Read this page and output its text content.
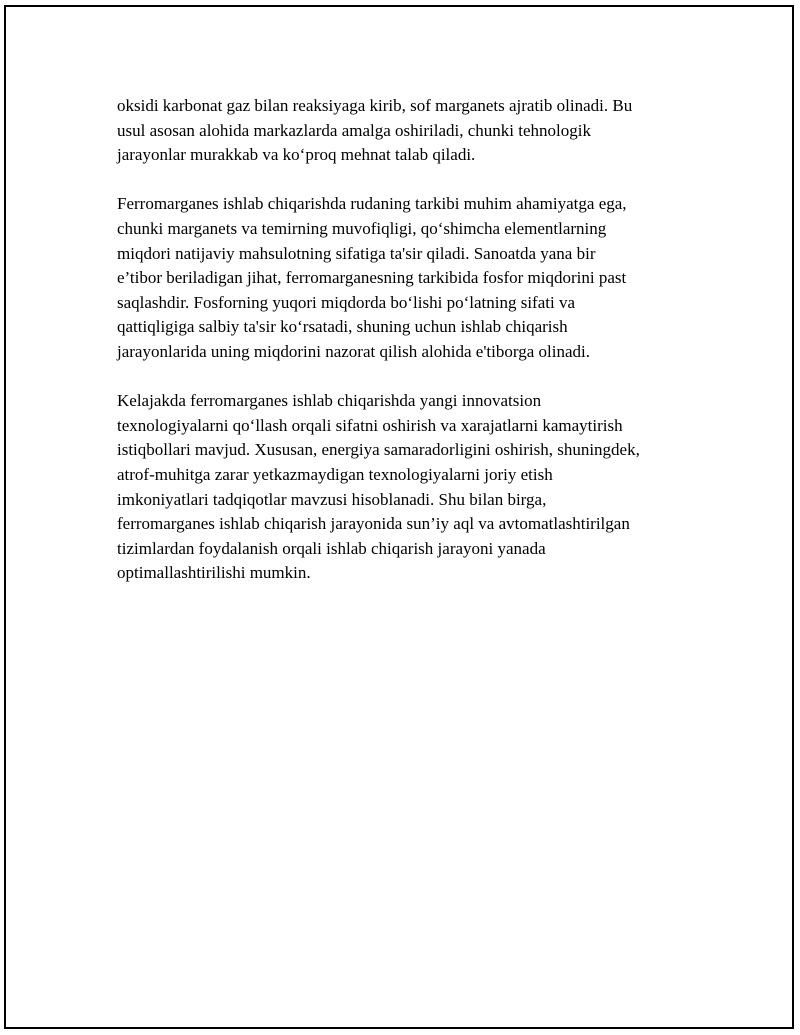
oksidi karbonat gaz bilan reaksiyaga kirib, sof marganets ajratib olinadi. Bu
usul asosan alohida markazlarda amalga oshiriladi, chunki tehnologik
jarayonlar murakkab va ko‘proq mehnat talab qiladi.

Ferromarganes ishlab chiqarishda rudaning tarkibi muhim ahamiyatga ega,
chunki marganets va temirning muvofiqligi, qo‘shimcha elementlarning
miqdori natijaviy mahsulotning sifatiga ta'sir qiladi. Sanoatda yana bir
e’tibor beriladigan jihat, ferromarganesning tarkibida fosfor miqdorini past
saqlashdir. Fosforning yuqori miqdorda bo‘lishi po‘latning sifati va
qattiqligiga salbiy ta'sir ko‘rsatadi, shuning uchun ishlab chiqarish
jarayonlarida uning miqdorini nazorat qilish alohida e'tiborga olinadi.

Kelajakda ferromarganes ishlab chiqarishda yangi innovatsion
texnologiyalarni qo‘llash orqali sifatni oshirish va xarajatlarni kamaytirish
istiqbollari mavjud. Xususan, energiya samaradorligini oshirish, shuningdek,
atrof-muhitga zarar yetkazmaydigan texnologiyalarni joriy etish
imkoniyatlari tadqiqotlar mavzusi hisoblanadi. Shu bilan birga,
ferromarganes ishlab chiqarish jarayonida sun’iy aql va avtomatlashtirilgan
tizimlardan foydalanish orqali ishlab chiqarish jarayoni yanada
optimallashtirilishi mumkin.
